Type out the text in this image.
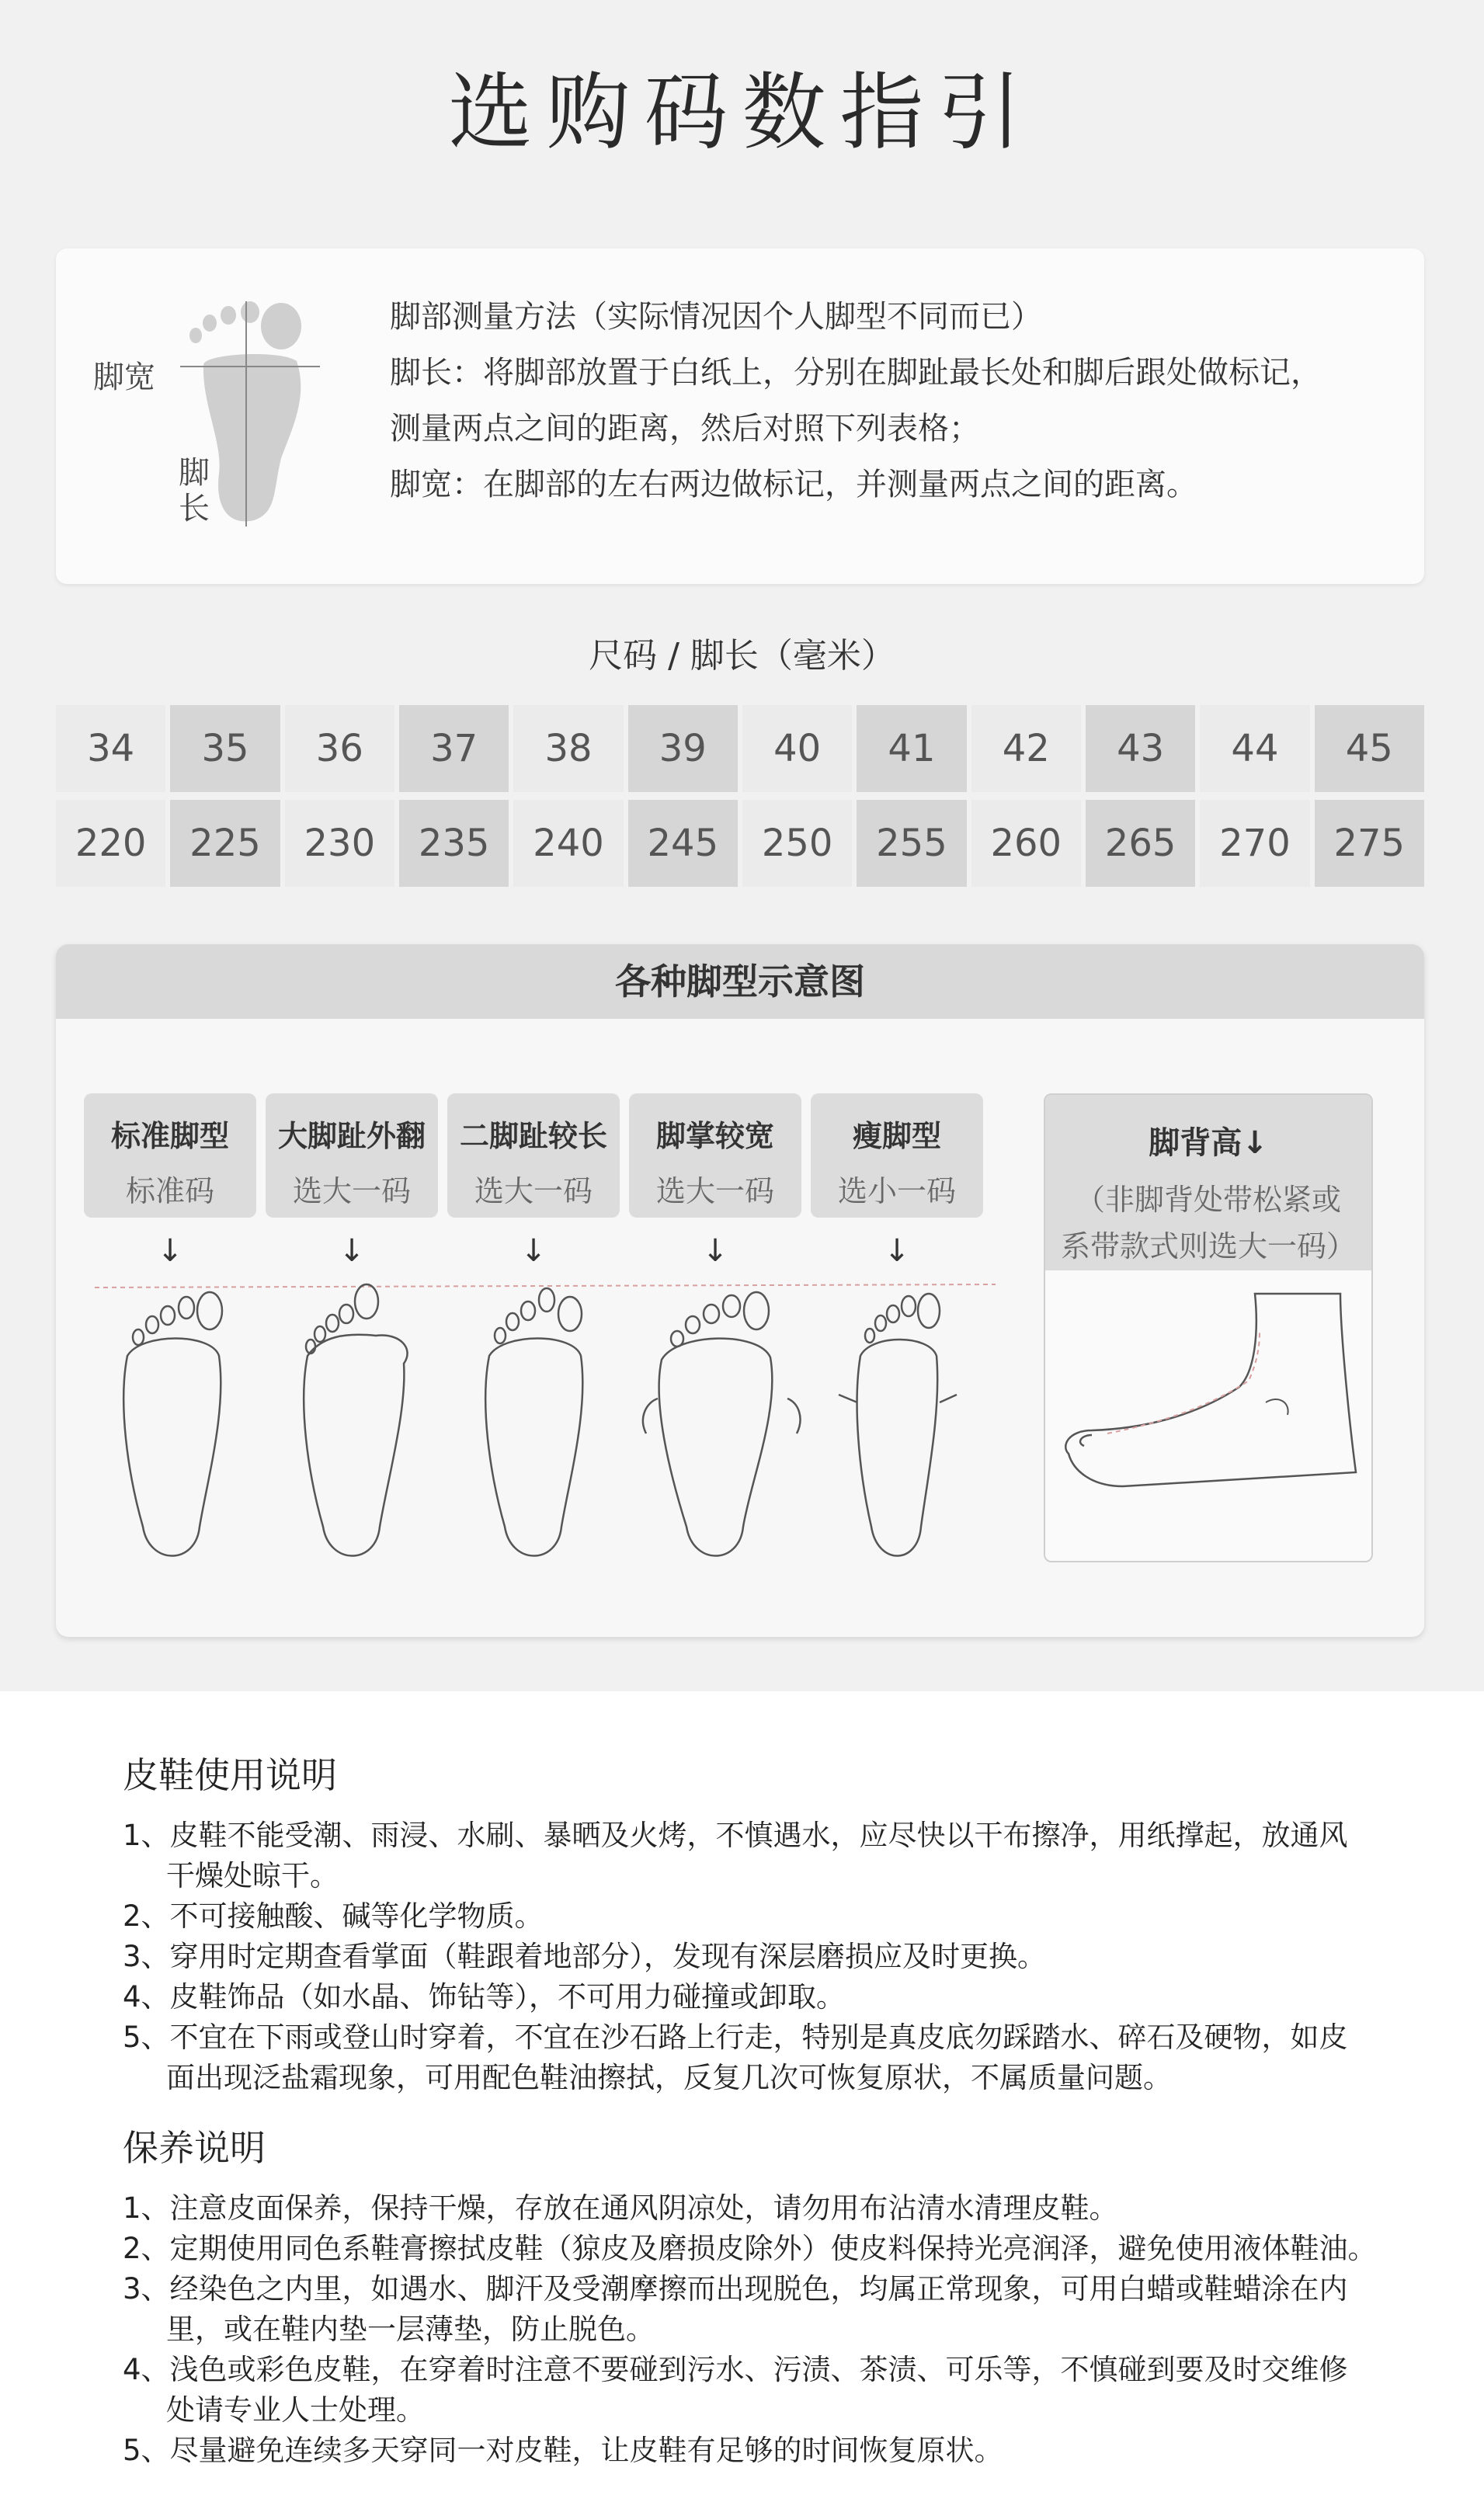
选购码数指引
脚宽
脚长
脚部测量方法（实际情况因个人脚型不同而已）
脚长：将脚部放置于白纸上，分别在脚趾最长处和脚后跟处做标记，
测量两点之间的距离，然后对照下列表格；
脚宽：在脚部的左右两边做标记，并测量两点之间的距离。
尺码 / 脚长（毫米）
34	35	36	37	38	39	40	41	42	43	44	45
220	225	230	235	240	245	250	255	260	265	270	275
各种脚型示意图
标准脚型
标准码
大脚趾外翻
选大一码
二脚趾较长
选大一码
脚掌较宽
选大一码
瘦脚型
选小一码
↓	↓	↓	↓	↓
脚背高↓
（非脚背处带松紧或
系带款式则选大一码）
皮鞋使用说明
1、皮鞋不能受潮、雨浸、水刷、暴晒及火烤，不慎遇水，应尽快以干布擦净，用纸撑起，放通风
干燥处晾干。
2、不可接触酸、碱等化学物质。
3、穿用时定期查看掌面（鞋跟着地部分），发现有深层磨损应及时更换。
4、皮鞋饰品（如水晶、饰钻等），不可用力碰撞或卸取。
5、不宜在下雨或登山时穿着，不宜在沙石路上行走，特别是真皮底勿踩踏水、碎石及硬物，如皮
面出现泛盐霜现象，可用配色鞋油擦拭，反复几次可恢复原状，不属质量问题。
保养说明
1、注意皮面保养，保持干燥，存放在通风阴凉处，请勿用布沾清水清理皮鞋。
2、定期使用同色系鞋膏擦拭皮鞋（猄皮及磨损皮除外）使皮料保持光亮润泽，避免使用液体鞋油。
3、经染色之内里，如遇水、脚汗及受潮摩擦而出现脱色，均属正常现象，可用白蜡或鞋蜡涂在内
里，或在鞋内垫一层薄垫，防止脱色。
4、浅色或彩色皮鞋，在穿着时注意不要碰到污水、污渍、茶渍、可乐等，不慎碰到要及时交维修
处请专业人士处理。
5、尽量避免连续多天穿同一对皮鞋，让皮鞋有足够的时间恢复原状。
